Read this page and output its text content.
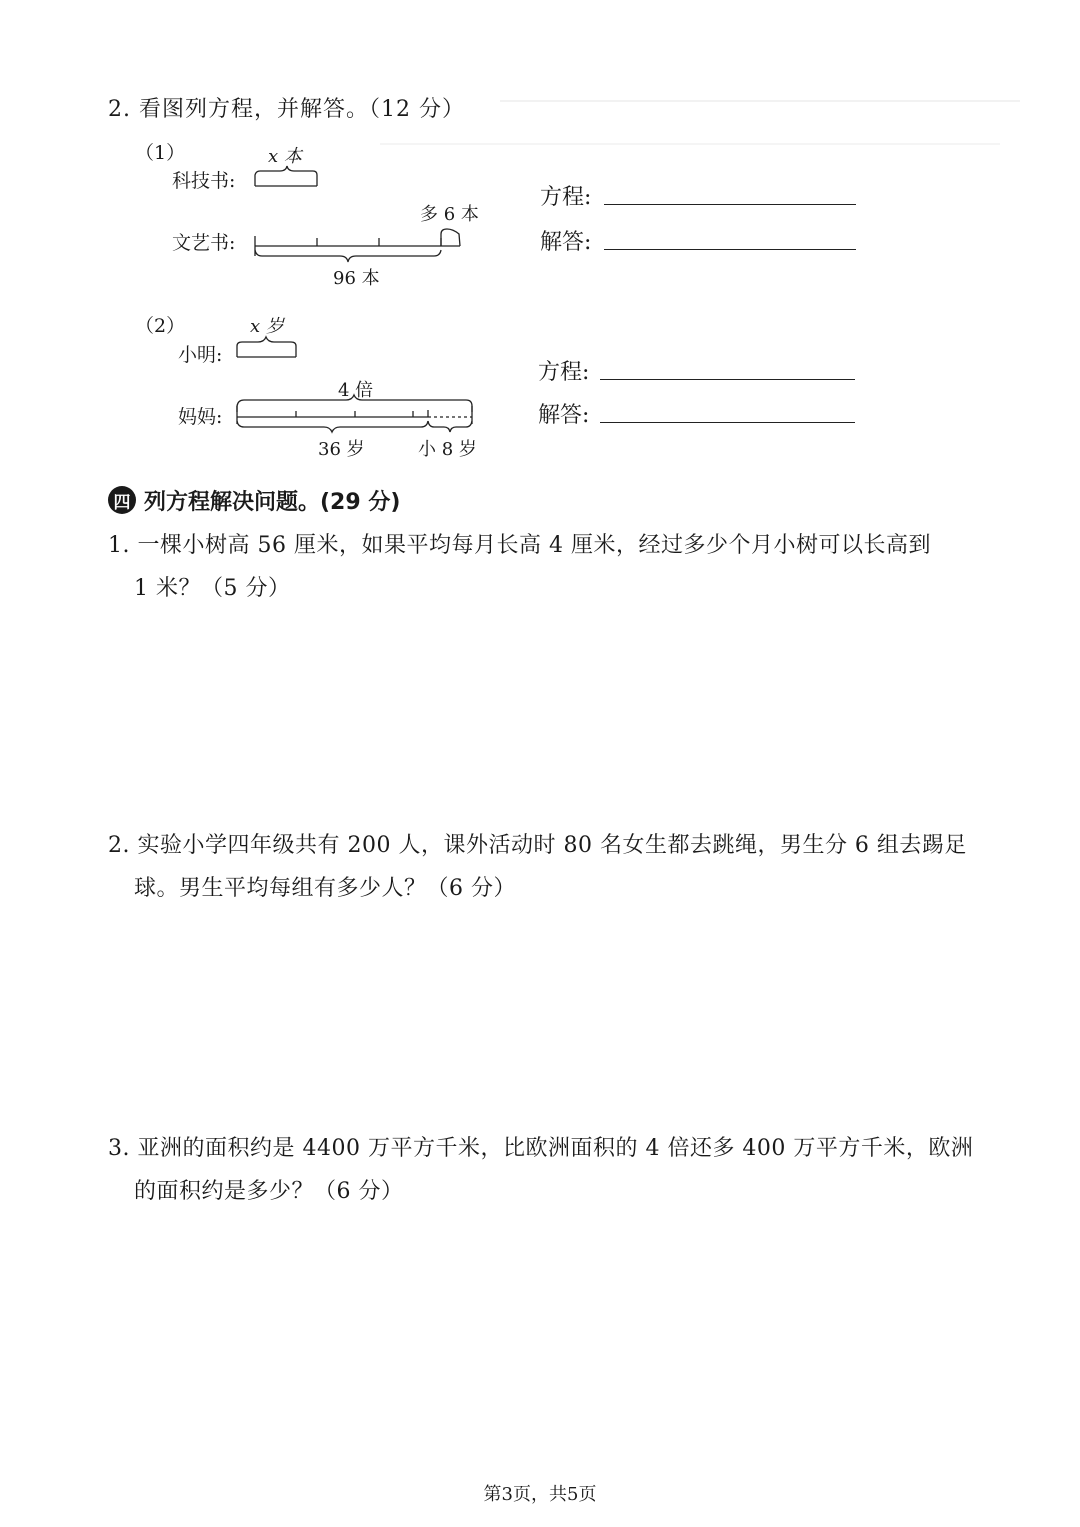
2. 看图列方程，并解答。（12 分）
（1）	x 本
科技书:
文艺书:
多 6 本
96 本
方程:
解答:
（2）	x 岁
小明:
4 倍
妈妈:
36 岁	小 8 岁
方程:
解答:
四 列方程解决问题。(29 分)
1. 一棵小树高 56 厘米，如果平均每月长高 4 厘米，经过多少个月小树可以长高到
1 米？（5 分）
2. 实验小学四年级共有 200 人，课外活动时 80 名女生都去跳绳，男生分 6 组去踢足
球。男生平均每组有多少人？（6 分）
3. 亚洲的面积约是 4400 万平方千米，比欧洲面积的 4 倍还多 400 万平方千米，欧洲
的面积约是多少？（6 分）
第3页，共5页
